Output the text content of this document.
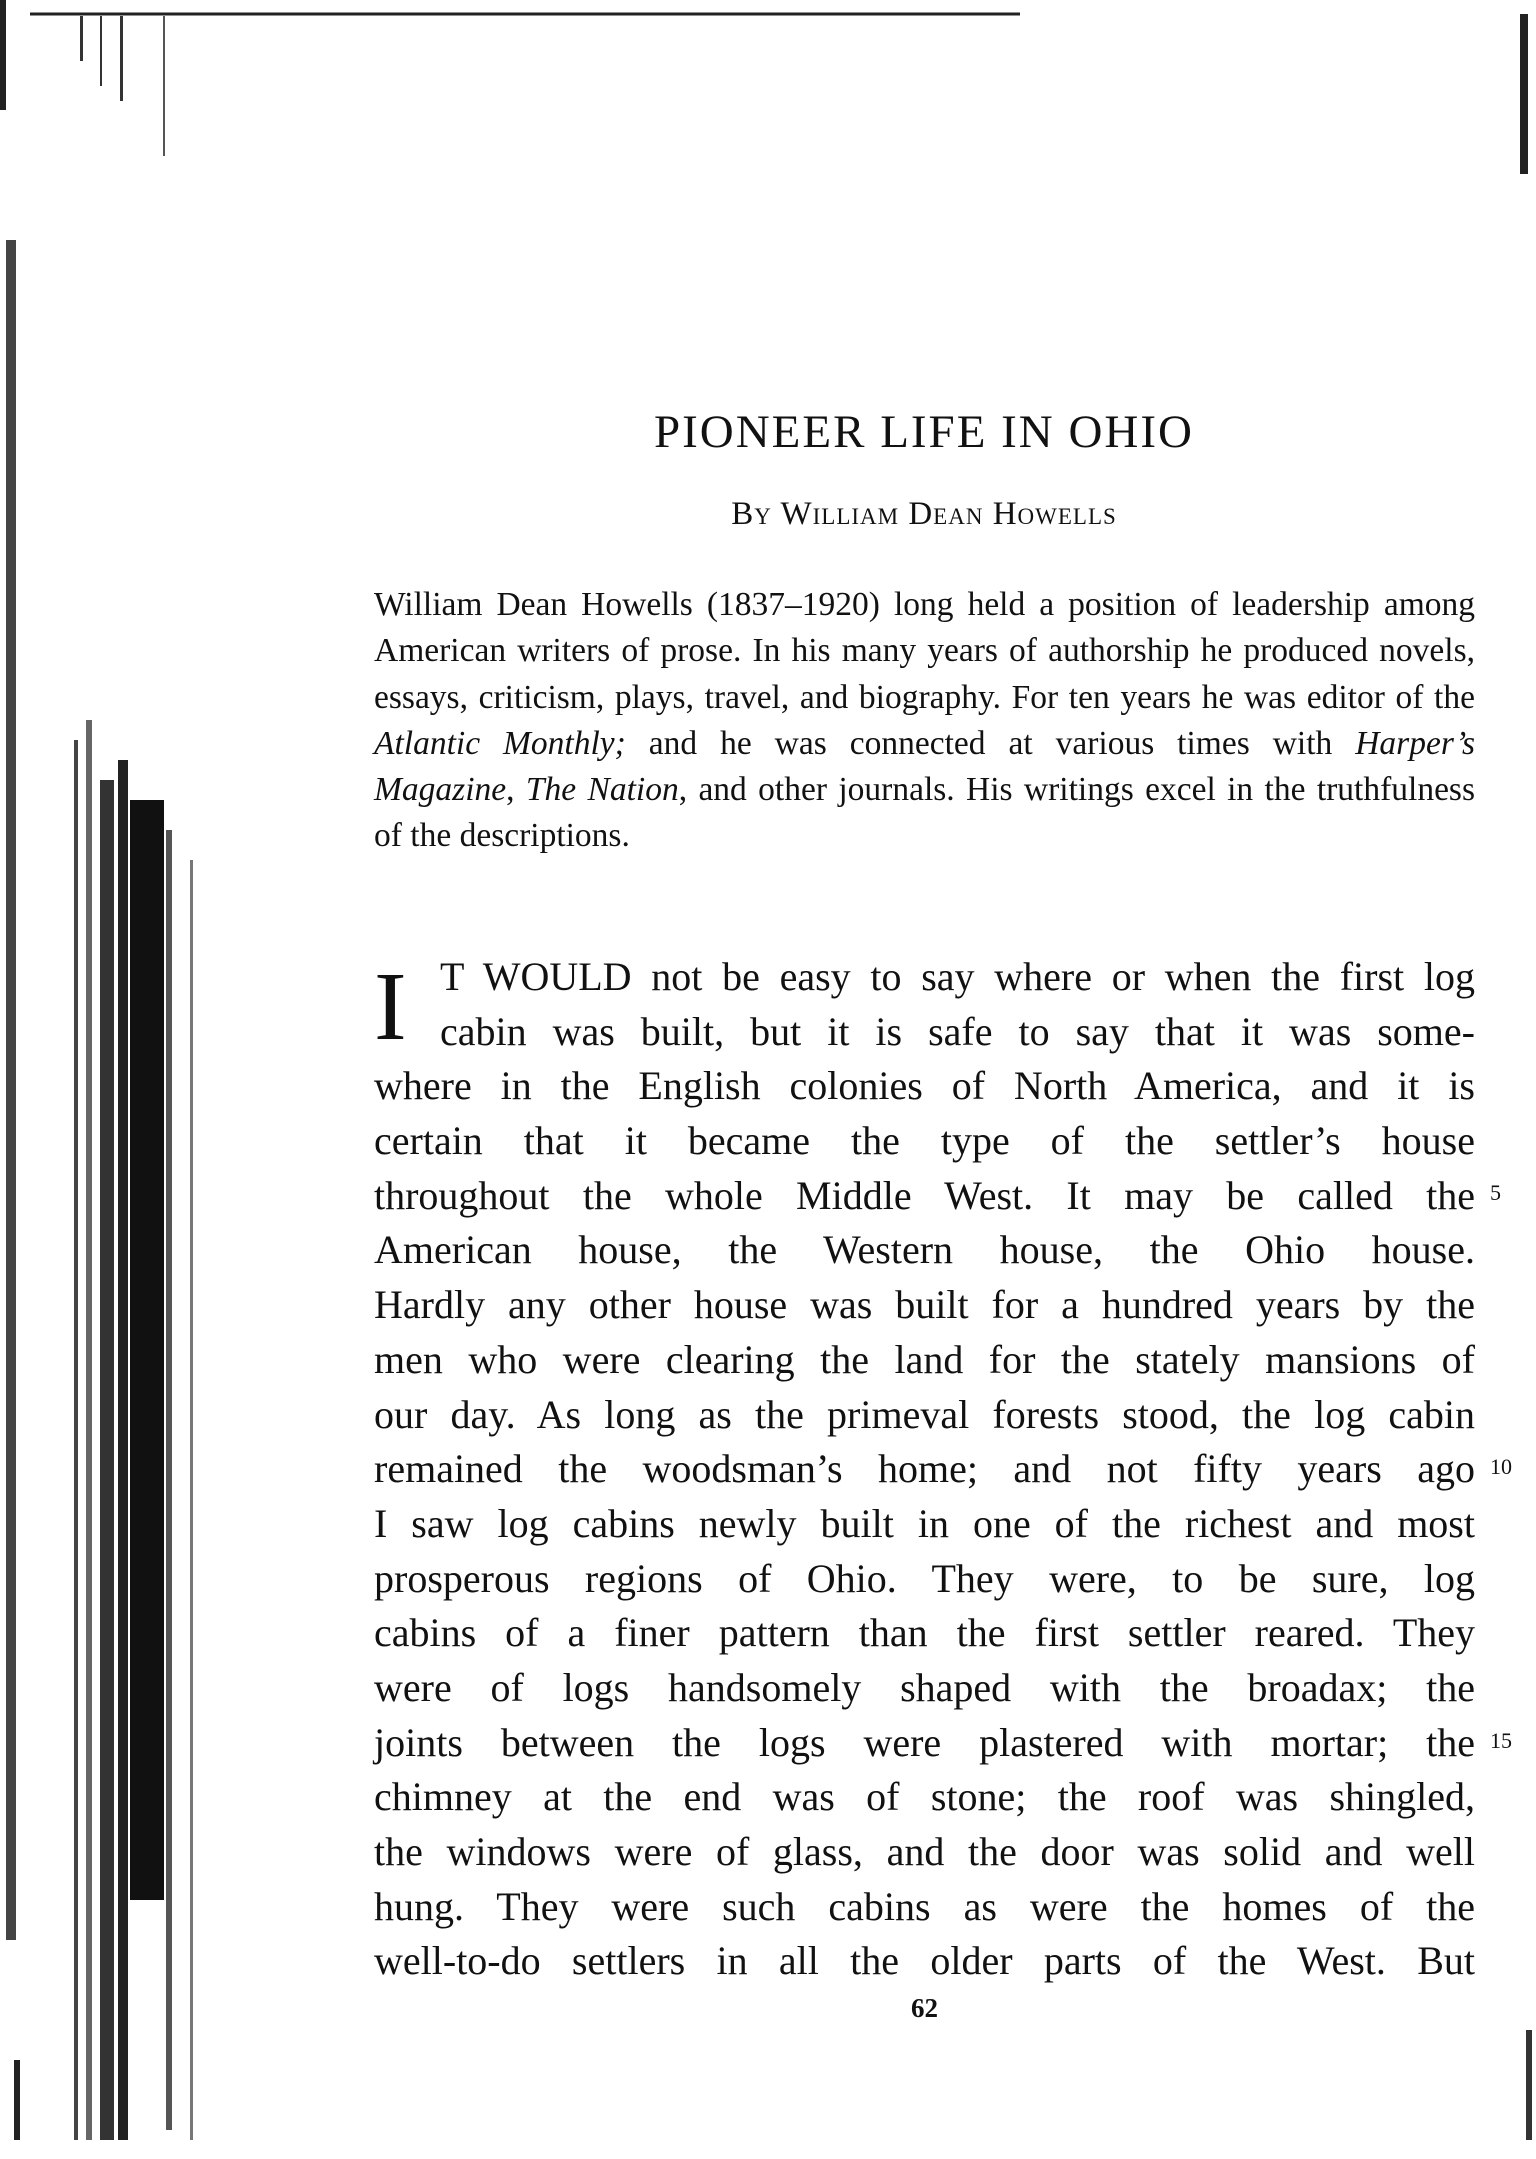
PIONEER LIFE IN OHIO
By William Dean Howells

William Dean Howells (1837–1920) long held a position of leadership among American writers of prose. In his many years of authorship he produced novels, essays, criticism, plays, travel, and biography. For ten years he was editor of the Atlantic Monthly; and he was connected at various times with Harper’s Magazine, The Nation, and other journals. His writings excel in the truthfulness of the descriptions.

I T WOULD not be easy to say where or when the first log
cabin was built, but it is safe to say that it was some-
where in the English colonies of North America, and it is
certain that it became the type of the settler’s house
throughout the whole Middle West. It may be called the
American house, the Western house, the Ohio house.
Hardly any other house was built for a hundred years by the
men who were clearing the land for the stately mansions of
our day. As long as the primeval forests stood, the log cabin
remained the woodsman’s home; and not fifty years ago
I saw log cabins newly built in one of the richest and most
prosperous regions of Ohio. They were, to be sure, log
cabins of a finer pattern than the first settler reared. They
were of logs handsomely shaped with the broadax; the
joints between the logs were plastered with mortar; the
chimney at the end was of stone; the roof was shingled,
the windows were of glass, and the door was solid and well
hung. They were such cabins as were the homes of the
well-to-do settlers in all the older parts of the West. But
5
10
15
62
